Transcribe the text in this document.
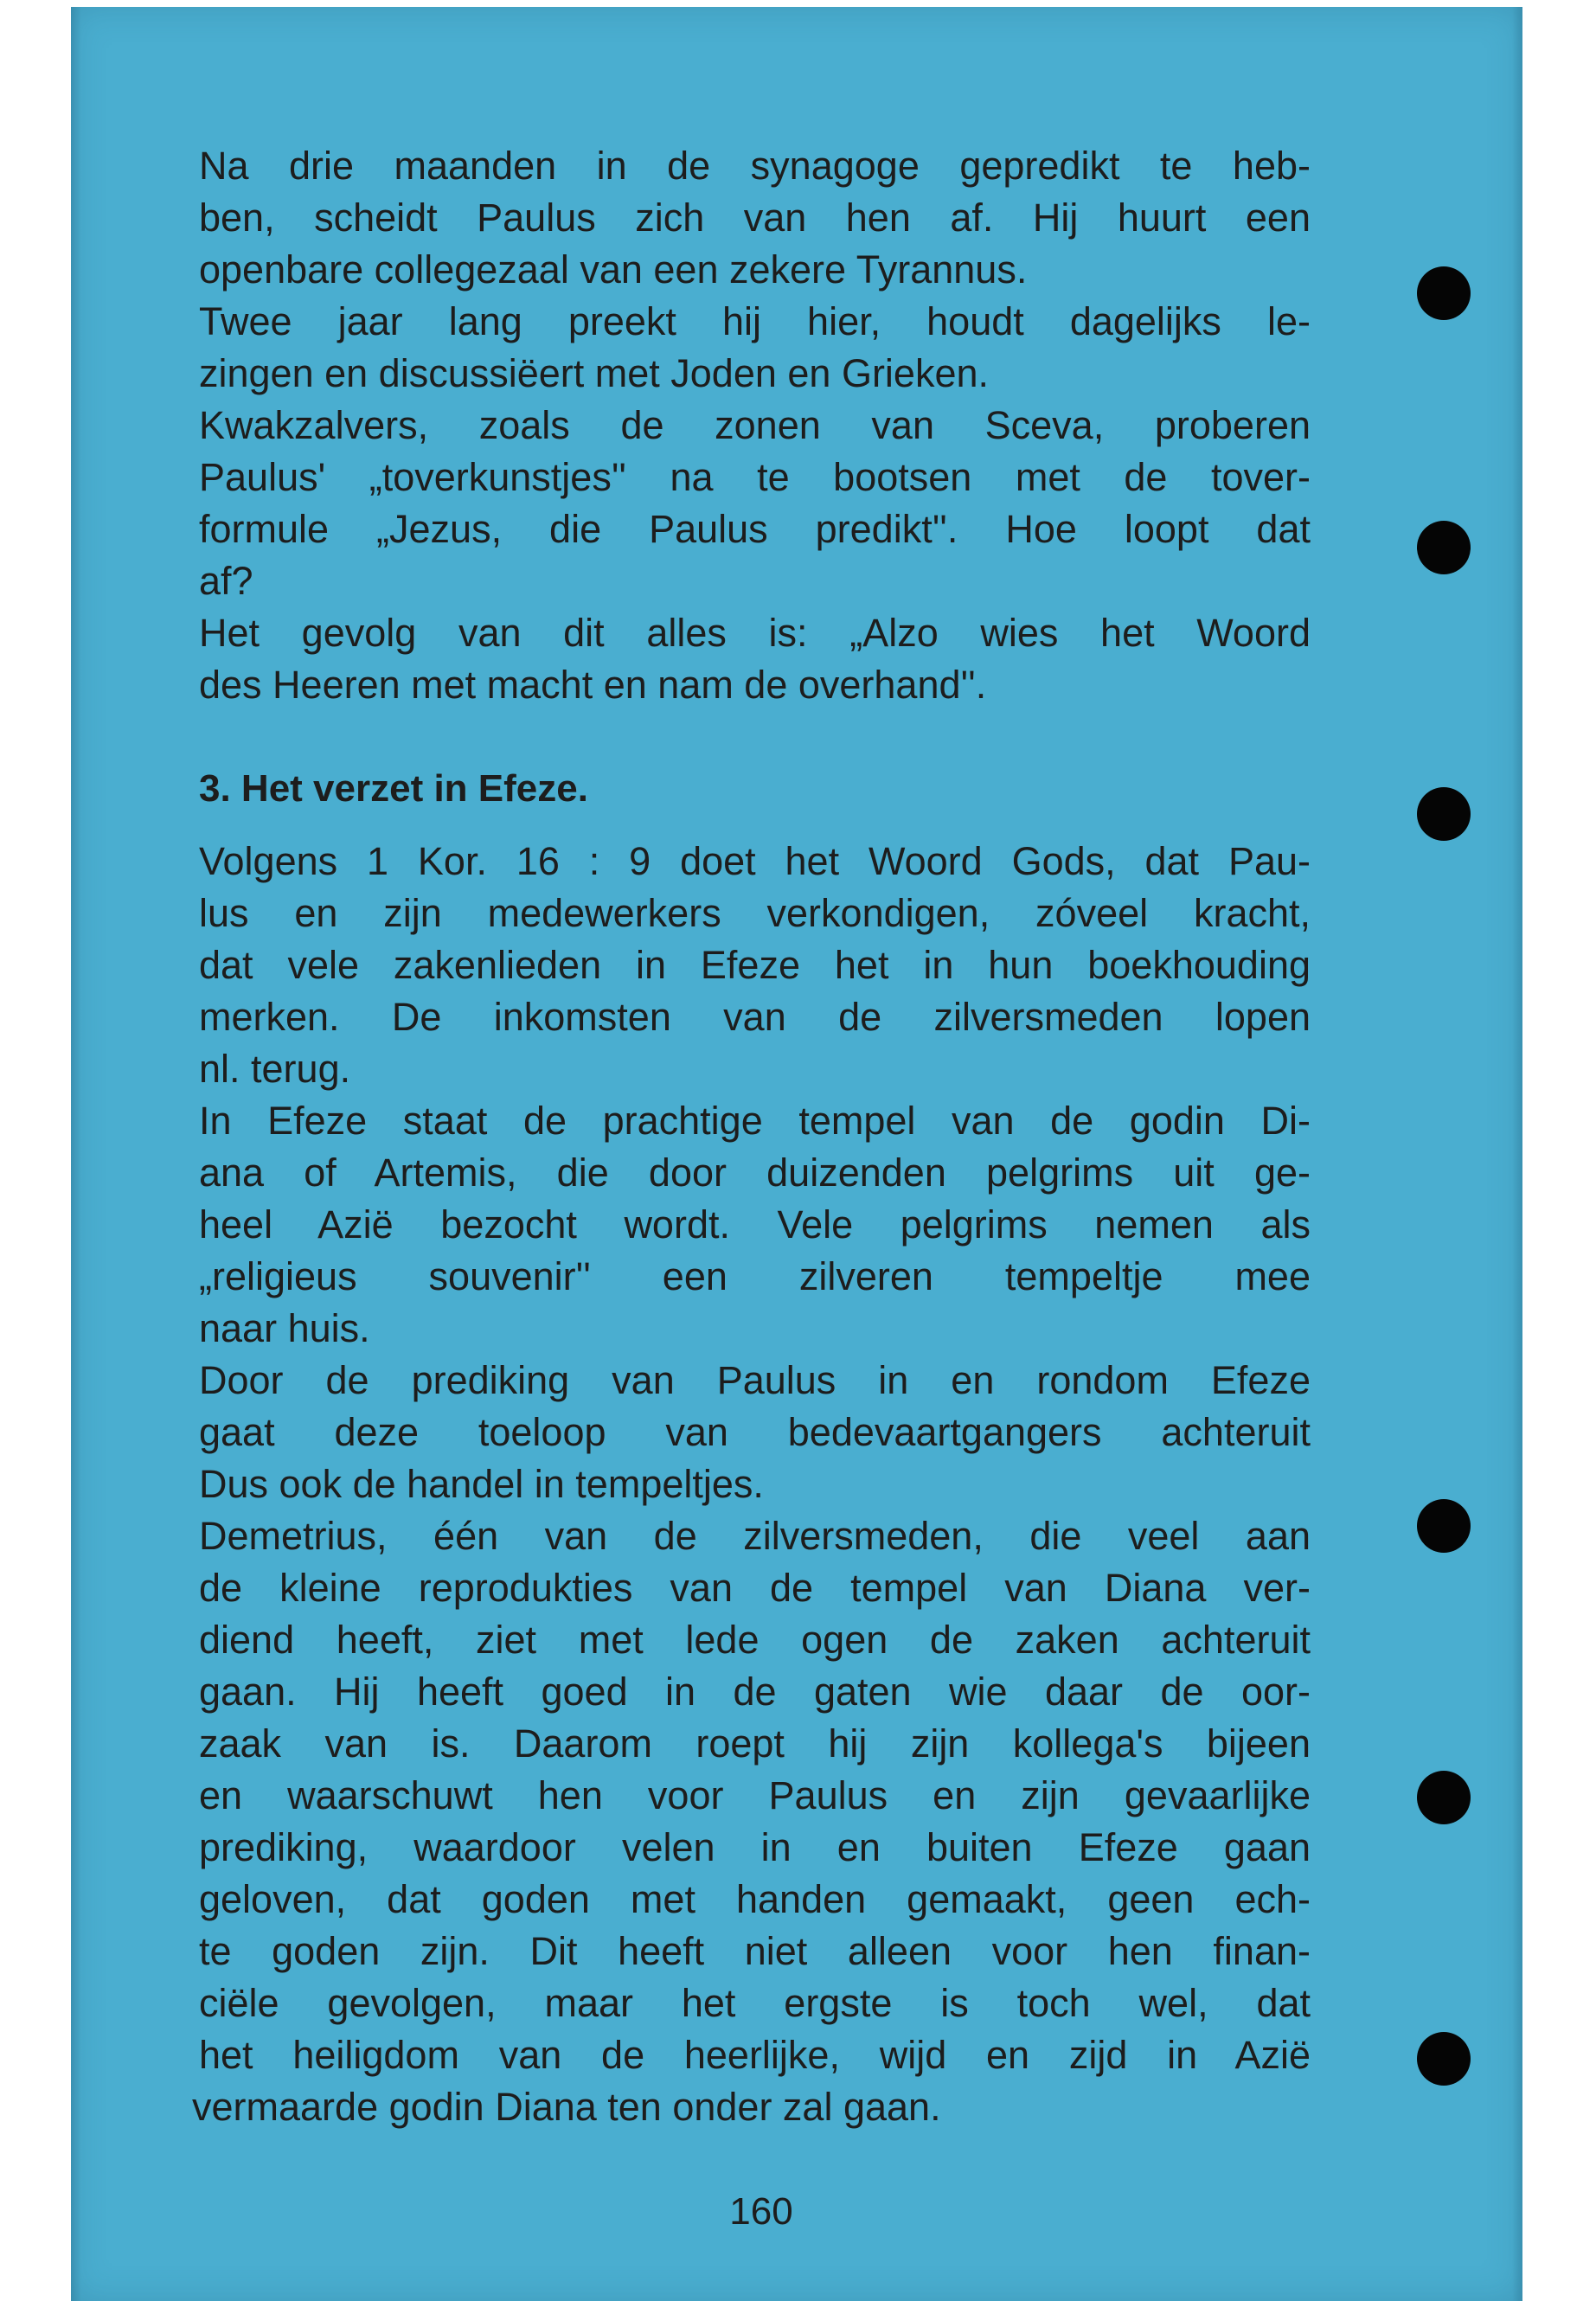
Na drie maanden in de synagoge gepredikt te heb-
ben, scheidt Paulus zich van hen af. Hij huurt een
openbare collegezaal van een zekere Tyrannus.
Twee jaar lang preekt hij hier, houdt dagelijks le-
zingen en discussiëert met Joden en Grieken.
Kwakzalvers, zoals de zonen van Sceva, proberen
Paulus' „toverkunstjes'' na te bootsen met de tover-
formule „Jezus, die Paulus predikt''. Hoe loopt dat
af?
Het gevolg van dit alles is: „Alzo wies het Woord
des Heeren met macht en nam de overhand''.
3. Het verzet in Efeze.
Volgens 1 Kor. 16 : 9 doet het Woord Gods, dat Pau-
lus en zijn medewerkers verkondigen, zóveel kracht,
dat vele zakenlieden in Efeze het in hun boekhouding
merken. De inkomsten van de zilversmeden lopen
nl. terug.
In Efeze staat de prachtige tempel van de godin Di-
ana of Artemis, die door duizenden pelgrims uit ge-
heel Azië bezocht wordt. Vele pelgrims nemen als
„religieus souvenir'' een zilveren tempeltje mee
naar huis.
Door de prediking van Paulus in en rondom Efeze
gaat deze toeloop van bedevaartgangers achteruit
Dus ook de handel in tempeltjes.
Demetrius, één van de zilversmeden, die veel aan
de kleine reprodukties van de tempel van Diana ver-
diend heeft, ziet met lede ogen de zaken achteruit
gaan. Hij heeft goed in de gaten wie daar de oor-
zaak van is. Daarom roept hij zijn kollega's bijeen
en waarschuwt hen voor Paulus en zijn gevaarlijke
prediking, waardoor velen in en buiten Efeze gaan
geloven, dat goden met handen gemaakt, geen ech-
te goden zijn. Dit heeft niet alleen voor hen finan-
ciële gevolgen, maar het ergste is toch wel, dat
het heiligdom van de heerlijke, wijd en zijd in Azië
vermaarde godin Diana ten onder zal gaan.
160
